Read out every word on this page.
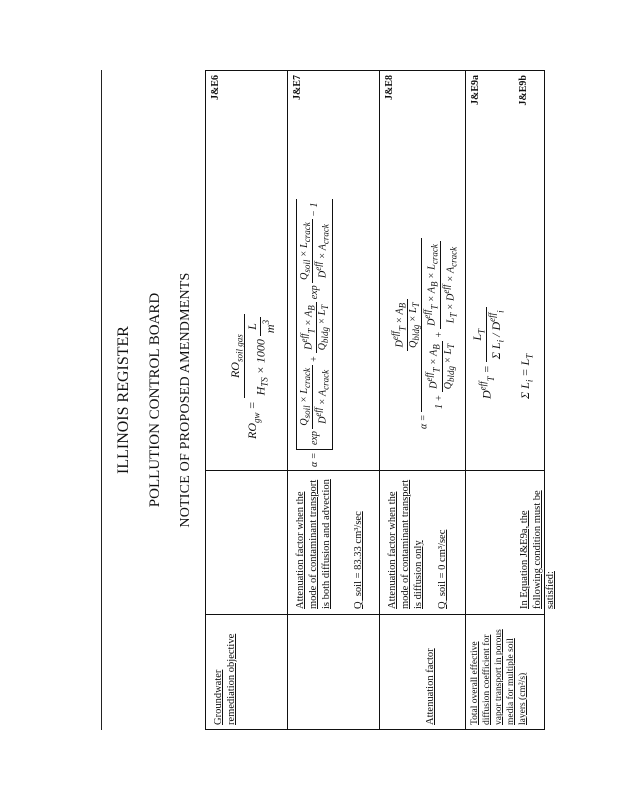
ILLINOIS REGISTER POLLUTION CONTROL BOARD NOTICE OF PROPOSED AMENDMENTS
Groundwater remediation objective
$RO_{gw}$ =
$RO_{soil gas}$
$H_{TS} \times 1000$
L $m^3$
J&E6
Attenuation factor when the mode of contaminant transport is both diffusion and advection Q_soil = 83.33 cm³/sec
α = exp
Qsoil × Lcrack
Deff × Acrack
+
DeffT × AB
Qbldg × LT
exp
Qsoil × Lcrack
Deff × Acrack
− 1
J&E7
Attenuation factor
Attenuation factor when the mode of contaminant transport is diffusion only Q_soil = 0 cm³/sec
α =
DeffT × AB
Qbldg × LT
1 +
DeffT × AB
Qbldg × LT
+
DeffT × AB × Lcrack
LT × Deff × Acrack
J&E8
Total overall effective diffusion coefficient for vapor transport in porous media for multiple soil layers (cm²/s)
In Equation J&E9a, the following condition must be satisfied:
$D^{eff}_T$ =
$L_T$
Σ $L_i / D^{eff}_i$
Σ $L_i = L_T$
J&E9a	J&E9b
